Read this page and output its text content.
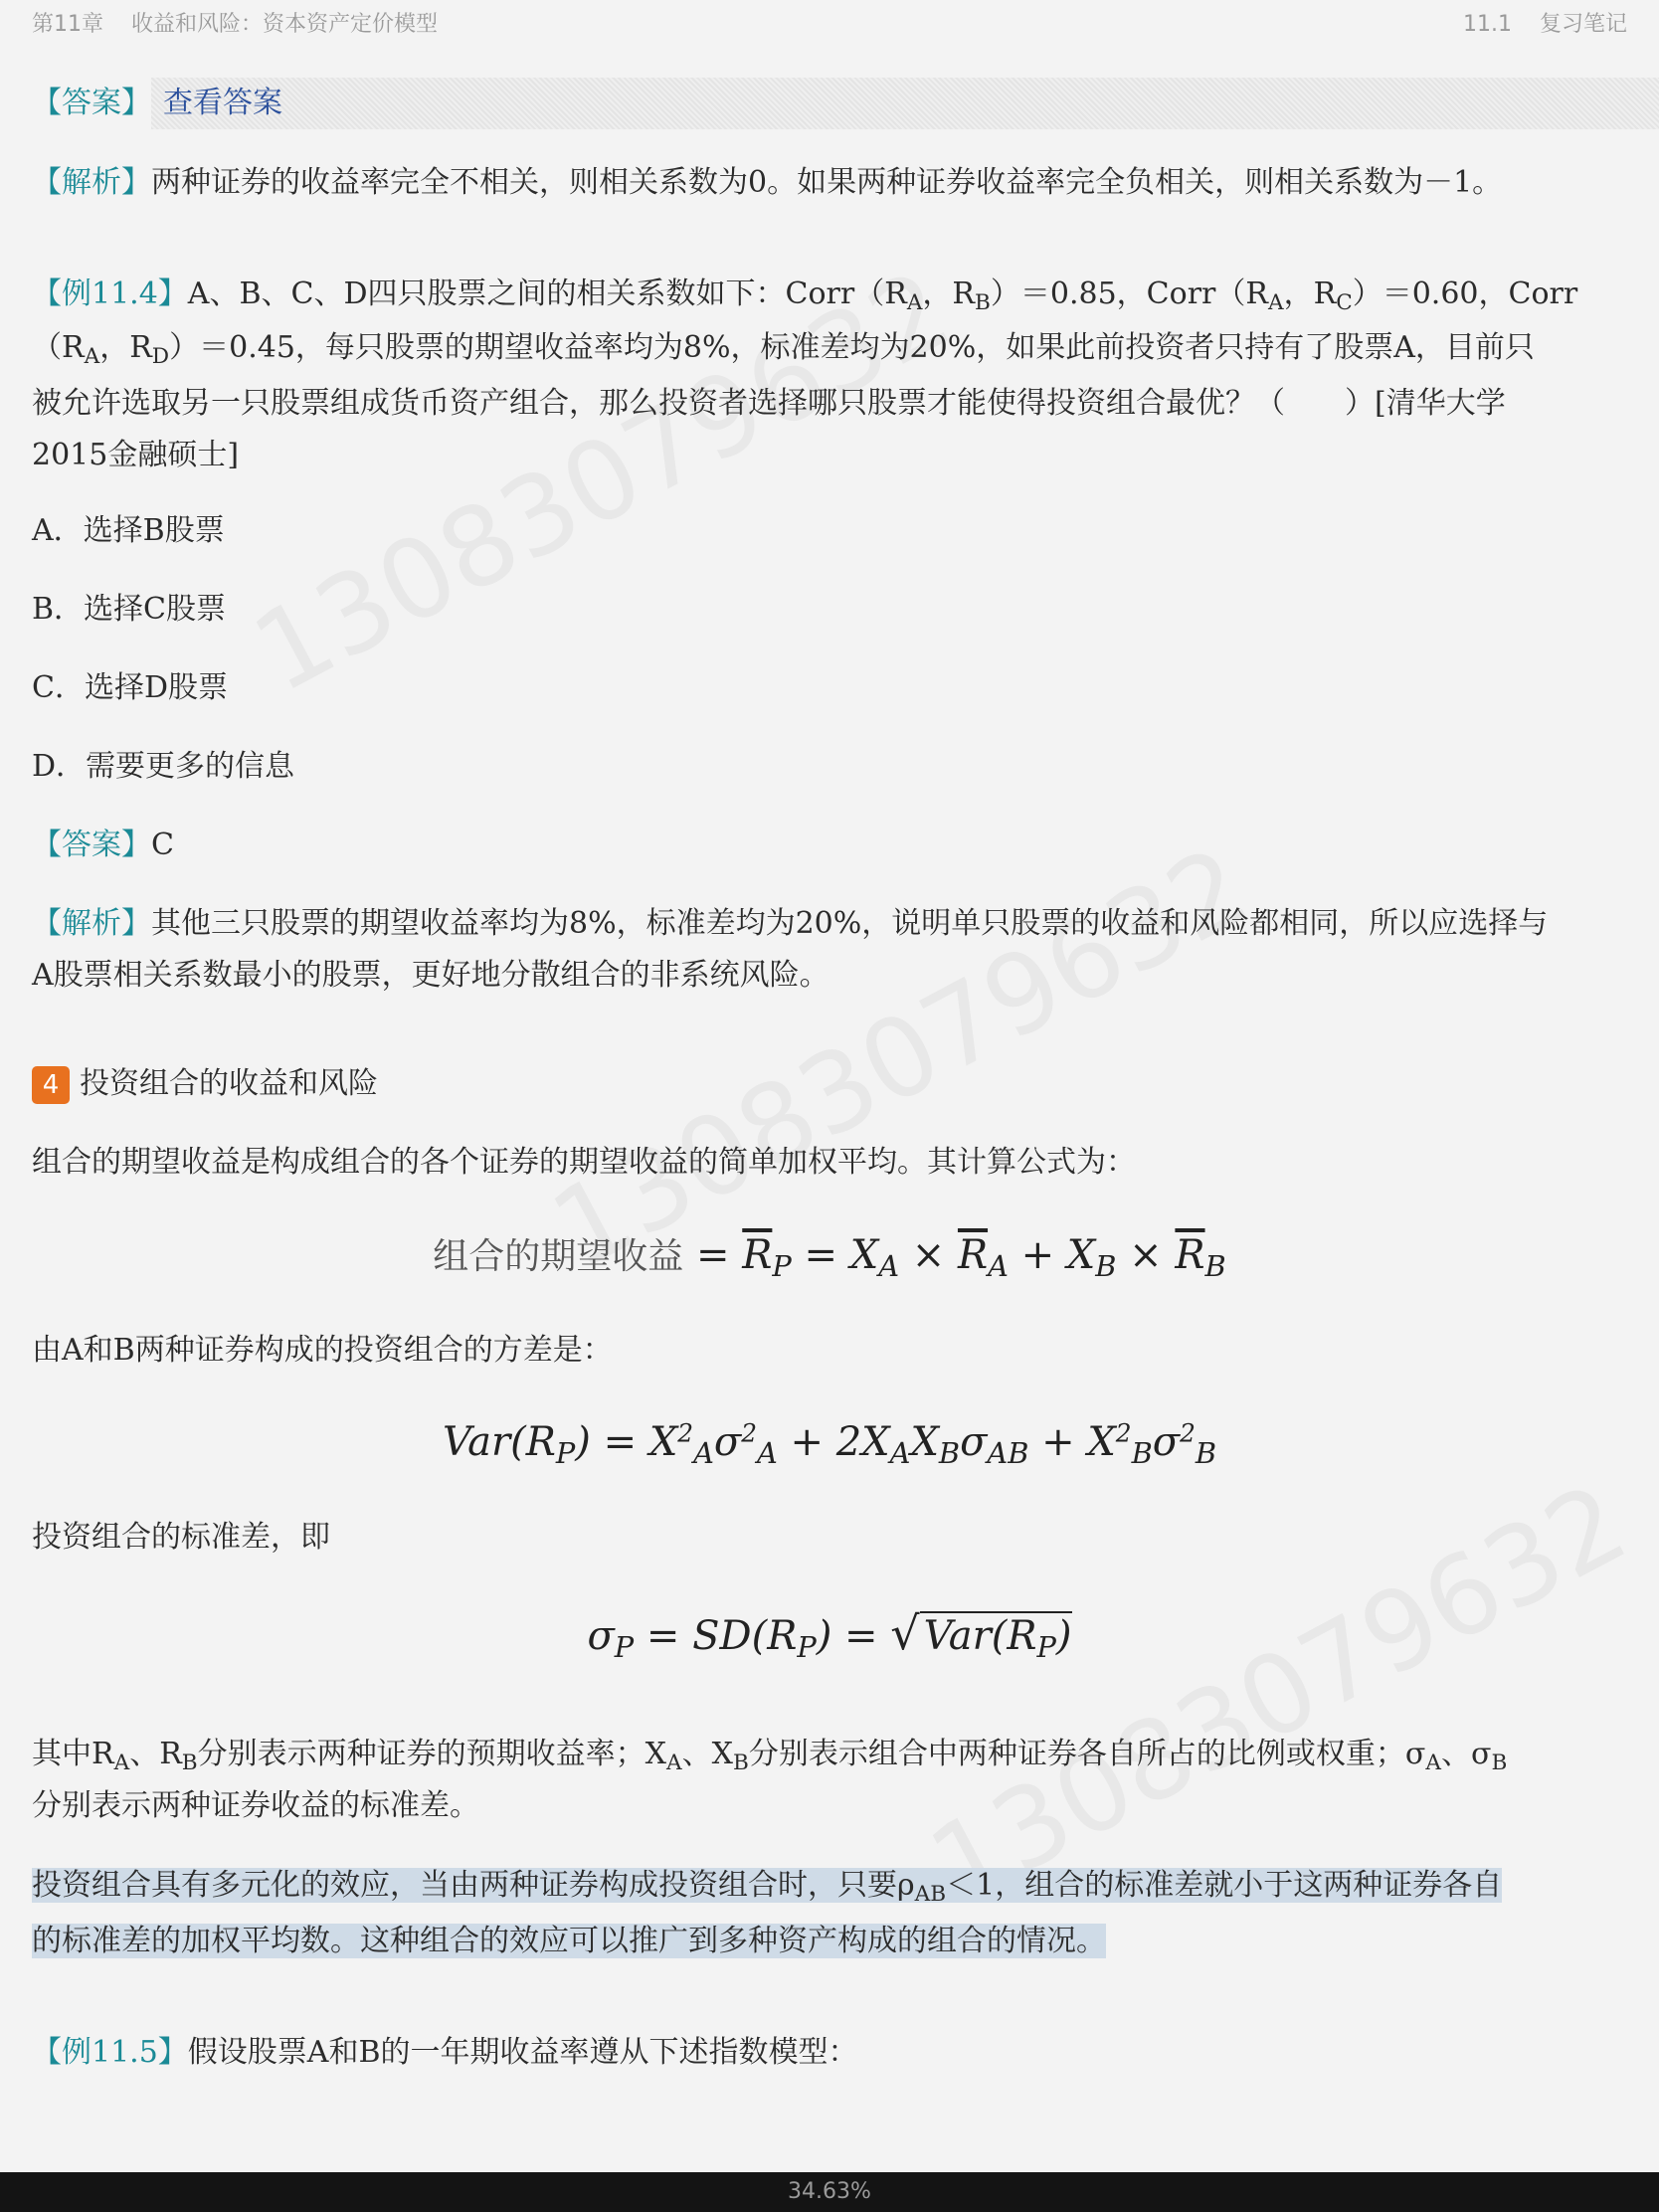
第11章 收益和风险：资本资产定价模型	11.1 复习笔记
【答案】 查看答案
【解析】两种证券的收益率完全不相关，则相关系数为0。如果两种证券收益率完全负相关，则相关系数为－1。
【例11.4】A、B、C、D四只股票之间的相关系数如下：$Corr(R_A$，$R_B)=0.85$，$Corr(R_A$，$R_C)=0.60$，Corr
（$R_A$，$R_D)=0.45$，每只股票的期望收益率均为8%，标准差均为20%，如果此前投资者只持有了股票A，目前只
被允许选取另一只股票组成货币资产组合，那么投资者选择哪只股票才能使得投资组合最优？（　　）[清华大学
2015金融硕士]
A．选择B股票
B．选择C股票
C．选择D股票
D．需要更多的信息
【答案】C
【解析】其他三只股票的期望收益率均为8%，标准差均为20%，说明单只股票的收益和风险都相同，所以应选择与
A股票相关系数最小的股票，更好地分散组合的非系统风险。
4 投资组合的收益和风险
组合的期望收益是构成组合的各个证券的期望收益的简单加权平均。其计算公式为：
组合的期望收益 = $\overline{R}_P = X_A \times \overline{R}_A + X_B \times \overline{R}_B$
由A和B两种证券构成的投资组合的方差是：
$Var(R_P) = X^2_A\sigma^2_A + 2X_AX_B\sigma_{AB} + X^2_B\sigma^2_B$
投资组合的标准差，即
$\sigma_P = SD(R_P)$ = √ $Var(R_P)$
其中$R_A$、$R_B$分别表示两种证券的预期收益率；$X_A$、$X_B$分别表示组合中两种证券各自所占的比例或权重；$\sigma_A$、$\sigma_B$
分别表示两种证券收益的标准差。
投资组合具有多元化的效应，当由两种证券构成投资组合时，只要$\rho_{AB}<1$，组合的标准差就小于这两种证券各自
的标准差的加权平均数。这种组合的效应可以推广到多种资产构成的组合的情况。
【例11.5】假设股票A和B的一年期收益率遵从下述指数模型：
34.63%
